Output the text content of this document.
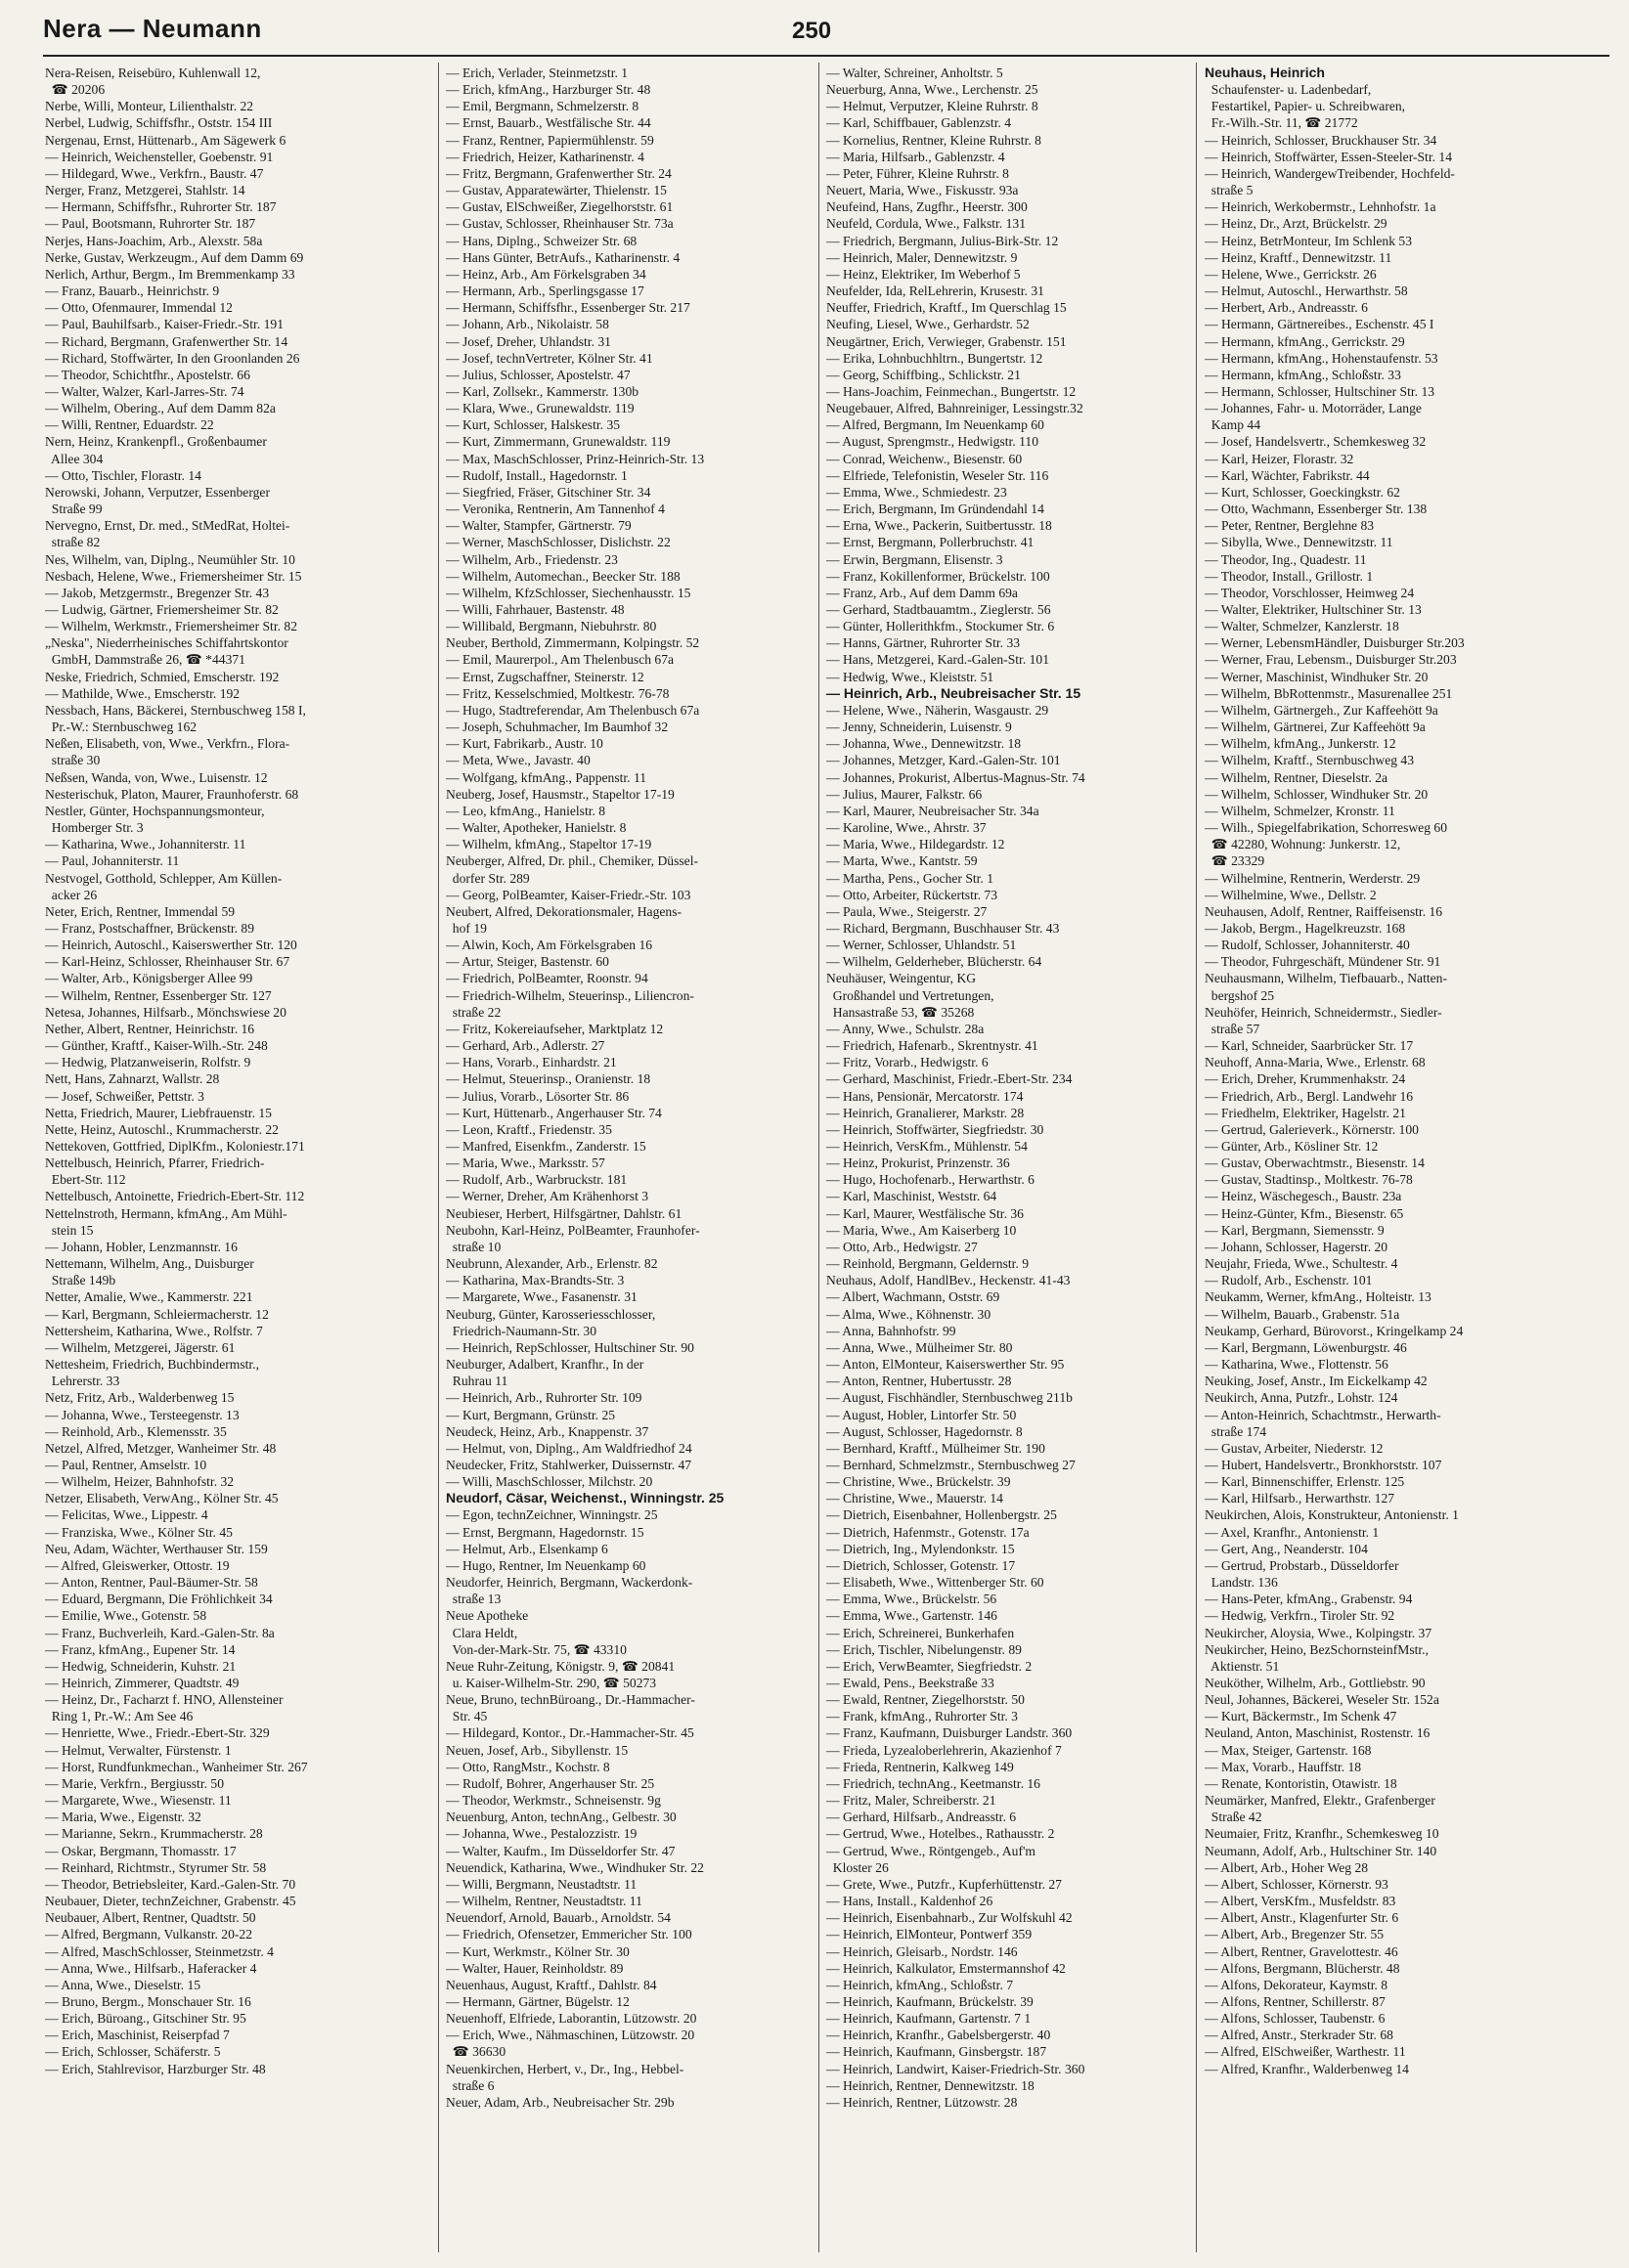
Nera — Neumann	250
Nera-Reisen, Reisebüro, Kuhlenwall 12,
☎ 20206
Nerbe, Willi, Monteur, Lilienthalstr. 22
Nerbel, Ludwig, Schiffsfhr., Oststr. 154 III
Nergenau, Ernst, Hüttenarb., Am Sägewerk 6
— Heinrich, Weichensteller, Goebenstr. 91
— Hildegard, Wwe., Verkfrn., Baustr. 47
Nerger, Franz, Metzgerei, Stahlstr. 14
— Hermann, Schiffsfhr., Ruhrorter Str. 187
— Paul, Bootsmann, Ruhrorter Str. 187
Nerjes, Hans-Joachim, Arb., Alexstr. 58a
Nerke, Gustav, Werkzeugm., Auf dem Damm 69
Nerlich, Arthur, Bergm., Im Bremmenkamp 33
— Franz, Bauarb., Heinrichstr. 9
— Otto, Ofenmaurer, Immendal 12
— Paul, Bauhilfsarb., Kaiser-Friedr.-Str. 191
— Richard, Bergmann, Grafenwerther Str. 14
— Richard, Stoffwärter, In den Groonlanden 26
— Theodor, Schichtfhr., Apostelstr. 66
— Walter, Walzer, Karl-Jarres-Str. 74
— Wilhelm, Obering., Auf dem Damm 82a
— Willi, Rentner, Eduardstr. 22
Nern, Heinz, Krankenpfl., Großenbaumer
Allee 304
— Otto, Tischler, Florastr. 14
Nerowski, Johann, Verputzer, Essenberger
Straße 99
Nervegno, Ernst, Dr. med., StMedRat, Holtei-
straße 82
Nes, Wilhelm, van, Diplng., Neumühler Str. 10
Nesbach, Helene, Wwe., Friemersheimer Str. 15
— Jakob, Metzgermstr., Bregenzer Str. 43
— Ludwig, Gärtner, Friemersheimer Str. 82
— Wilhelm, Werkmstr., Friemersheimer Str. 82
„Neska", Niederrheinisches Schiffahrtskontor
GmbH, Dammstraße 26, ☎ *44371
Neske, Friedrich, Schmied, Emscherstr. 192
— Mathilde, Wwe., Emscherstr. 192
Nessbach, Hans, Bäckerei, Sternbuschweg 158 I,
Pr.-W.: Sternbuschweg 162
Neßen, Elisabeth, von, Wwe., Verkfrn., Flora-
straße 30
Neßsen, Wanda, von, Wwe., Luisenstr. 12
Nesterischuk, Platon, Maurer, Fraunhoferstr. 68
Nestler, Günter, Hochspannungsmonteur,
Homberger Str. 3
— Katharina, Wwe., Johanniterstr. 11
— Paul, Johanniterstr. 11
Nestvogel, Gotthold, Schlepper, Am Küllen-
acker 26
Neter, Erich, Rentner, Immendal 59
— Franz, Postschaffner, Brückenstr. 89
— Heinrich, Autoschl., Kaiserswerther Str. 120
— Karl-Heinz, Schlosser, Rheinhauser Str. 67
— Walter, Arb., Königsberger Allee 99
— Wilhelm, Rentner, Essenberger Str. 127
Netesa, Johannes, Hilfsarb., Mönchswiese 20
Nether, Albert, Rentner, Heinrichstr. 16
— Günther, Kraftf., Kaiser-Wilh.-Str. 248
— Hedwig, Platzanweiserin, Rolfstr. 9
Nett, Hans, Zahnarzt, Wallstr. 28
— Josef, Schweißer, Pettstr. 3
Netta, Friedrich, Maurer, Liebfrauenstr. 15
Nette, Heinz, Autoschl., Krummacherstr. 22
Nettekoven, Gottfried, DiplKfm., Koloniestr.171
Nettelbusch, Heinrich, Pfarrer, Friedrich-
Ebert-Str. 112
Nettelbusch, Antoinette, Friedrich-Ebert-Str. 112
Nettelnstroth, Hermann, kfmAng., Am Mühl-
stein 15
— Johann, Hobler, Lenzmannstr. 16
Nettemann, Wilhelm, Ang., Duisburger
Straße 149b
Netter, Amalie, Wwe., Kammerstr. 221
— Karl, Bergmann, Schleiermacherstr. 12
Nettersheim, Katharina, Wwe., Rolfstr. 7
— Wilhelm, Metzgerei, Jägerstr. 61
Nettesheim, Friedrich, Buchbindermstr.,
Lehrerstr. 33
Netz, Fritz, Arb., Walderbenweg 15
— Johanna, Wwe., Tersteegenstr. 13
— Reinhold, Arb., Klemensstr. 35
Netzel, Alfred, Metzger, Wanheimer Str. 48
— Paul, Rentner, Amselstr. 10
— Wilhelm, Heizer, Bahnhofstr. 32
Netzer, Elisabeth, VerwAng., Kölner Str. 45
— Felicitas, Wwe., Lippestr. 4
— Franziska, Wwe., Kölner Str. 45
Neu, Adam, Wächter, Werthauser Str. 159
— Alfred, Gleiswerker, Ottostr. 19
— Anton, Rentner, Paul-Bäumer-Str. 58
— Eduard, Bergmann, Die Fröhlichkeit 34
— Emilie, Wwe., Gotenstr. 58
— Franz, Buchverleih, Kard.-Galen-Str. 8a
— Franz, kfmAng., Eupener Str. 14
— Hedwig, Schneiderin, Kuhstr. 21
— Heinrich, Zimmerer, Quadtstr. 49
— Heinz, Dr., Facharzt f. HNO, Allensteiner
Ring 1, Pr.-W.: Am See 46
— Henriette, Wwe., Friedr.-Ebert-Str. 329
— Helmut, Verwalter, Fürstenstr. 1
— Horst, Rundfunkmechan., Wanheimer Str. 267
— Marie, Verkfrn., Bergiusstr. 50
— Margarete, Wwe., Wiesenstr. 11
— Maria, Wwe., Eigenstr. 32
— Marianne, Sekrn., Krummacherstr. 28
— Oskar, Bergmann, Thomasstr. 17
— Reinhard, Richtmstr., Styrumer Str. 58
— Theodor, Betriebsleiter, Kard.-Galen-Str. 70
Neubauer, Dieter, technZeichner, Grabenstr. 45
Neubauer, Albert, Rentner, Quadtstr. 50
— Alfred, Bergmann, Vulkanstr. 20-22
— Alfred, MaschSchlosser, Steinmetzstr. 4
— Anna, Wwe., Hilfsarb., Haferacker 4
— Anna, Wwe., Dieselstr. 15
— Bruno, Bergm., Monschauer Str. 16
— Erich, Büroang., Gitschiner Str. 95
— Erich, Maschinist, Reiserpfad 7
— Erich, Schlosser, Schäferstr. 5
— Erich, Stahlrevisor, Harzburger Str. 48
— Erich, Verlader, Steinmetzstr. 1
— Erich, kfmAng., Harzburger Str. 48
— Emil, Bergmann, Schmelzerstr. 8
— Ernst, Bauarb., Westfälische Str. 44
— Franz, Rentner, Papiermühlenstr. 59
— Friedrich, Heizer, Katharinenstr. 4
— Fritz, Bergmann, Grafenwerther Str. 24
— Gustav, Apparatewärter, Thielenstr. 15
— Gustav, ElSchweißer, Ziegelhorststr. 61
— Gustav, Schlosser, Rheinhauser Str. 73a
— Hans, Diplng., Schweizer Str. 68
— Hans Günter, BetrAufs., Katharinenstr. 4
— Heinz, Arb., Am Förkelsgraben 34
— Hermann, Arb., Sperlingsgasse 17
— Hermann, Schiffsfhr., Essenberger Str. 217
— Johann, Arb., Nikolaistr. 58
— Josef, Dreher, Uhlandstr. 31
— Josef, technVertreter, Kölner Str. 41
— Julius, Schlosser, Apostelstr. 47
— Karl, Zollsekr., Kammerstr. 130b
— Klara, Wwe., Grunewaldstr. 119
— Kurt, Schlosser, Halskestr. 35
— Kurt, Zimmermann, Grunewaldstr. 119
— Max, MaschSchlosser, Prinz-Heinrich-Str. 13
— Rudolf, Install., Hagedornstr. 1
— Siegfried, Fräser, Gitschiner Str. 34
— Veronika, Rentnerin, Am Tannenhof 4
— Walter, Stampfer, Gärtnerstr. 79
— Werner, MaschSchlosser, Dislichstr. 22
— Wilhelm, Arb., Friedenstr. 23
— Wilhelm, Automechan., Beecker Str. 188
— Wilhelm, KfzSchlosser, Siechenhausstr. 15
— Willi, Fahrhauer, Bastenstr. 48
— Willibald, Bergmann, Niebuhrstr. 80
Neuber, Berthold, Zimmermann, Kolpingstr. 52
— Emil, Maurerpol., Am Thelenbusch 67a
— Ernst, Zugschaffner, Steinerstr. 12
— Fritz, Kesselschmied, Moltkestr. 76-78
— Hugo, Stadtreferendar, Am Thelenbusch 67a
— Joseph, Schuhmacher, Im Baumhof 32
— Kurt, Fabrikarb., Austr. 10
— Meta, Wwe., Javastr. 40
— Wolfgang, kfmAng., Pappenstr. 11
Neuberg, Josef, Hausmstr., Stapeltor 17-19
— Leo, kfmAng., Hanielstr. 8
— Walter, Apotheker, Hanielstr. 8
— Wilhelm, kfmAng., Stapeltor 17-19
Neuberger, Alfred, Dr. phil., Chemiker, Düssel-
dorfer Str. 289
— Georg, PolBeamter, Kaiser-Friedr.-Str. 103
Neubert, Alfred, Dekorationsmaler, Hagens-
hof 19
— Alwin, Koch, Am Förkelsgraben 16
— Artur, Steiger, Bastenstr. 60
— Friedrich, PolBeamter, Roonstr. 94
— Friedrich-Wilhelm, Steuerinsp., Liliencron-
straße 22
— Fritz, Kokereiaufseher, Marktplatz 12
— Gerhard, Arb., Adlerstr. 27
— Hans, Vorarb., Einhardstr. 21
— Helmut, Steuerinsp., Oranienstr. 18
— Julius, Vorarb., Lösorter Str. 86
— Kurt, Hüttenarb., Angerhauser Str. 74
— Leon, Kraftf., Friedenstr. 35
— Manfred, Eisenkfm., Zanderstr. 15
— Maria, Wwe., Marksstr. 57
— Rudolf, Arb., Warbruckstr. 181
— Werner, Dreher, Am Krähenhorst 3
Neubieser, Herbert, Hilfsgärtner, Dahlstr. 61
Neubohn, Karl-Heinz, PolBeamter, Fraunhofer-
straße 10
Neubrunn, Alexander, Arb., Erlenstr. 82
— Katharina, Max-Brandts-Str. 3
— Margarete, Wwe., Fasanenstr. 31
Neuburg, Günter, Karosseriesschlosser,
Friedrich-Naumann-Str. 30
— Heinrich, RepSchlosser, Hultschiner Str. 90
Neuburger, Adalbert, Kranfhr., In der
Ruhrau 11
— Heinrich, Arb., Ruhrorter Str. 109
— Kurt, Bergmann, Grünstr. 25
Neudeck, Heinz, Arb., Knappenstr. 37
— Helmut, von, Diplng., Am Waldfriedhof 24
Neudecker, Fritz, Stahlwerker, Duissernstr. 47
— Willi, MaschSchlosser, Milchstr. 20
Neudorf, Cäsar, Weichenst., Winningstr. 25
— Egon, technZeichner, Winningstr. 25
— Ernst, Bergmann, Hagedornstr. 15
— Helmut, Arb., Elsenkamp 6
— Hugo, Rentner, Im Neuenkamp 60
Neudorfer, Heinrich, Bergmann, Wackerdonk-
straße 13
Neue Apotheke
Clara Heldt,
Von-der-Mark-Str. 75, ☎ 43310
Neue Ruhr-Zeitung, Königstr. 9, ☎ 20841
u. Kaiser-Wilhelm-Str. 290, ☎ 50273
Neue, Bruno, technBüroang., Dr.-Hammacher-
Str. 45
— Hildegard, Kontor., Dr.-Hammacher-Str. 45
Neuen, Josef, Arb., Sibyllenstr. 15
— Otto, RangMstr., Kochstr. 8
— Rudolf, Bohrer, Angerhauser Str. 25
— Theodor, Werkmstr., Schneisenstr. 9g
Neuenburg, Anton, technAng., Gelbestr. 30
— Johanna, Wwe., Pestalozzistr. 19
— Walter, Kaufm., Im Düsseldorfer Str. 47
Neuendick, Katharina, Wwe., Windhuker Str. 22
— Willi, Bergmann, Neustadtstr. 11
— Wilhelm, Rentner, Neustadtstr. 11
Neuendorf, Arnold, Bauarb., Arnoldstr. 54
— Friedrich, Ofensetzer, Emmericher Str. 100
— Kurt, Werkmstr., Kölner Str. 30
— Walter, Hauer, Reinholdstr. 89
Neuenhaus, August, Kraftf., Dahlstr. 84
— Hermann, Gärtner, Bügelstr. 12
Neuenhoff, Elfriede, Laborantin, Lützowstr. 20
— Erich, Wwe., Nähmaschinen, Lützowstr. 20
☎ 36630
Neuenkirchen, Herbert, v., Dr., Ing., Hebbel-
straße 6
Neuer, Adam, Arb., Neubreisacher Str. 29b
— Walter, Schreiner, Anholtstr. 5
Neuerburg, Anna, Wwe., Lerchenstr. 25
— Helmut, Verputzer, Kleine Ruhrstr. 8
— Karl, Schiffbauer, Gablenzstr. 4
— Kornelius, Rentner, Kleine Ruhrstr. 8
— Maria, Hilfsarb., Gablenzstr. 4
— Peter, Führer, Kleine Ruhrstr. 8
Neuert, Maria, Wwe., Fiskusstr. 93a
Neufeind, Hans, Zugfhr., Heerstr. 300
Neufeld, Cordula, Wwe., Falkstr. 131
— Friedrich, Bergmann, Julius-Birk-Str. 12
— Heinrich, Maler, Dennewitzstr. 9
— Heinz, Elektriker, Im Weberhof 5
Neufelder, Ida, RelLehrerin, Krusestr. 31
Neuffer, Friedrich, Kraftf., Im Querschlag 15
Neufing, Liesel, Wwe., Gerhardstr. 52
Neugärtner, Erich, Verwieger, Grabenstr. 151
— Erika, Lohnbuchhltrn., Bungertstr. 12
— Georg, Schiffbing., Schlickstr. 21
— Hans-Joachim, Feinmechan., Bungertstr. 12
Neugebauer, Alfred, Bahnreiniger, Lessingstr.32
— Alfred, Bergmann, Im Neuenkamp 60
— August, Sprengmstr., Hedwigstr. 110
— Conrad, Weichenw., Biesenstr. 60
— Elfriede, Telefonistin, Weseler Str. 116
— Emma, Wwe., Schmiedestr. 23
— Erich, Bergmann, Im Gründendahl 14
— Erna, Wwe., Packerin, Suitbertusstr. 18
— Ernst, Bergmann, Pollerbruchstr. 41
— Erwin, Bergmann, Elisenstr. 3
— Franz, Kokillenformer, Brückelstr. 100
— Franz, Arb., Auf dem Damm 69a
— Gerhard, Stadtbauamtm., Zieglerstr. 56
— Günter, Hollerithkfm., Stockumer Str. 6
— Hanns, Gärtner, Ruhrorter Str. 33
— Hans, Metzgerei, Kard.-Galen-Str. 101
— Hedwig, Wwe., Kleiststr. 51
— Heinrich, Arb., Neubreisacher Str. 15
— Helene, Wwe., Näherin, Wasgaustr. 29
— Jenny, Schneiderin, Luisenstr. 9
— Johanna, Wwe., Dennewitzstr. 18
— Johannes, Metzger, Kard.-Galen-Str. 101
— Johannes, Prokurist, Albertus-Magnus-Str. 74
— Julius, Maurer, Falkstr. 66
— Karl, Maurer, Neubreisacher Str. 34a
— Karoline, Wwe., Ahrstr. 37
— Maria, Wwe., Hildegardstr. 12
— Marta, Wwe., Kantstr. 59
— Martha, Pens., Gocher Str. 1
— Otto, Arbeiter, Rückertstr. 73
— Paula, Wwe., Steigerstr. 27
— Richard, Bergmann, Buschhauser Str. 43
— Werner, Schlosser, Uhlandstr. 51
— Wilhelm, Gelderheber, Blücherstr. 64
Neuhäuser, Weingentur, KG
Großhandel und Vertretungen,
Hansastraße 53, ☎ 35268
— Anny, Wwe., Schulstr. 28a
— Friedrich, Hafenarb., Skrentnystr. 41
— Fritz, Vorarb., Hedwigstr. 6
— Gerhard, Maschinist, Friedr.-Ebert-Str. 234
— Hans, Pensionär, Mercatorstr. 174
— Heinrich, Granalierer, Markstr. 28
— Heinrich, Stoffwärter, Siegfriedstr. 30
— Heinrich, VersKfm., Mühlenstr. 54
— Heinz, Prokurist, Prinzenstr. 36
— Hugo, Hochofenarb., Herwarthstr. 6
— Karl, Maschinist, Weststr. 64
— Karl, Maurer, Westfälische Str. 36
— Maria, Wwe., Am Kaiserberg 10
— Otto, Arb., Hedwigstr. 27
— Reinhold, Bergmann, Geldernstr. 9
Neuhaus, Adolf, HandlBev., Heckenstr. 41-43
— Albert, Wachmann, Oststr. 69
— Alma, Wwe., Köhnenstr. 30
— Anna, Bahnhofstr. 99
— Anna, Wwe., Mülheimer Str. 80
— Anton, ElMonteur, Kaiserswerther Str. 95
— Anton, Rentner, Hubertusstr. 28
— August, Fischhändler, Sternbuschweg 211b
— August, Hobler, Lintorfer Str. 50
— August, Schlosser, Hagedornstr. 8
— Bernhard, Kraftf., Mülheimer Str. 190
— Bernhard, Schmelzmstr., Sternbuschweg 27
— Christine, Wwe., Brückelstr. 39
— Christine, Wwe., Mauerstr. 14
— Dietrich, Eisenbahner, Hollenbergstr. 25
— Dietrich, Hafenmstr., Gotenstr. 17a
— Dietrich, Ing., Mylendonkstr. 15
— Dietrich, Schlosser, Gotenstr. 17
— Elisabeth, Wwe., Wittenberger Str. 60
— Emma, Wwe., Brückelstr. 56
— Emma, Wwe., Gartenstr. 146
— Erich, Schreinerei, Bunkerhafen
— Erich, Tischler, Nibelungenstr. 89
— Erich, VerwBeamter, Siegfriedstr. 2
— Ewald, Pens., Beekstraße 33
— Ewald, Rentner, Ziegelhorststr. 50
— Frank, kfmAng., Ruhrorter Str. 3
— Franz, Kaufmann, Duisburger Landstr. 360
— Frieda, Lyzealoberlehrerin, Akazienhof 7
— Frieda, Rentnerin, Kalkweg 149
— Friedrich, technAng., Keetmanstr. 16
— Fritz, Maler, Schreiberstr. 21
— Gerhard, Hilfsarb., Andreasstr. 6
— Gertrud, Wwe., Hotelbes., Rathausstr. 2
— Gertrud, Wwe., Röntgengeb., Auf'm
Kloster 26
— Grete, Wwe., Putzfr., Kupferhüttenstr. 27
— Hans, Install., Kaldenhof 26
— Heinrich, Eisenbahnarb., Zur Wolfskuhl 42
— Heinrich, ElMonteur, Pontwerf 359
— Heinrich, Gleisarb., Nordstr. 146
— Heinrich, Kalkulator, Emstermannshof 42
— Heinrich, kfmAng., Schloßstr. 7
— Heinrich, Kaufmann, Brückelstr. 39
— Heinrich, Kaufmann, Gartenstr. 7 1
— Heinrich, Kranfhr., Gabelsbergerstr. 40
— Heinrich, Kaufmann, Ginsbergstr. 187
— Heinrich, Landwirt, Kaiser-Friedrich-Str. 360
— Heinrich, Rentner, Dennewitzstr. 18
— Heinrich, Rentner, Lützowstr. 28
Neuhaus, Heinrich
Schaufenster- u. Ladenbedarf,
Festartikel, Papier- u. Schreibwaren,
Fr.-Wilh.-Str. 11, ☎ 21772
— Heinrich, Schlosser, Bruckhauser Str. 34
— Heinrich, Stoffwärter, Essen-Steeler-Str. 14
— Heinrich, WandergewTreibender, Hochfeld-
straße 5
— Heinrich, Werkobermstr., Lehnhofstr. 1a
— Heinz, Dr., Arzt, Brückelstr. 29
— Heinz, BetrMonteur, Im Schlenk 53
— Heinz, Kraftf., Dennewitzstr. 11
— Helene, Wwe., Gerrickstr. 26
— Helmut, Autoschl., Herwarthstr. 58
— Herbert, Arb., Andreasstr. 6
— Hermann, Gärtnereibes., Eschenstr. 45 I
— Hermann, kfmAng., Gerrickstr. 29
— Hermann, kfmAng., Hohenstaufenstr. 53
— Hermann, kfmAng., Schloßstr. 33
— Hermann, Schlosser, Hultschiner Str. 13
— Johannes, Fahr- u. Motorräder, Lange
Kamp 44
— Josef, Handelsvertr., Schemkesweg 32
— Karl, Heizer, Florastr. 32
— Karl, Wächter, Fabrikstr. 44
— Kurt, Schlosser, Goeckingkstr. 62
— Otto, Wachmann, Essenberger Str. 138
— Peter, Rentner, Berglehne 83
— Sibylla, Wwe., Dennewitzstr. 11
— Theodor, Ing., Quadestr. 11
— Theodor, Install., Grillostr. 1
— Theodor, Vorschlosser, Heimweg 24
— Walter, Elektriker, Hultschiner Str. 13
— Walter, Schmelzer, Kanzlerstr. 18
— Werner, LebensmHändler, Duisburger Str.203
— Werner, Frau, Lebensm., Duisburger Str.203
— Werner, Maschinist, Windhuker Str. 20
— Wilhelm, BbRottenmstr., Masurenallee 251
— Wilhelm, Gärtnergeh., Zur Kaffeehött 9a
— Wilhelm, Gärtnerei, Zur Kaffeehött 9a
— Wilhelm, kfmAng., Junkerstr. 12
— Wilhelm, Kraftf., Sternbuschweg 43
— Wilhelm, Rentner, Dieselstr. 2a
— Wilhelm, Schlosser, Windhuker Str. 20
— Wilhelm, Schmelzer, Kronstr. 11
— Wilh., Spiegelfabrikation, Schorresweg 60
☎ 42280, Wohnung: Junkerstr. 12,
☎ 23329
— Wilhelmine, Rentnerin, Werderstr. 29
— Wilhelmine, Wwe., Dellstr. 2
Neuhausen, Adolf, Rentner, Raiffeisenstr. 16
— Jakob, Bergm., Hagelkreuzstr. 168
— Rudolf, Schlosser, Johanniterstr. 40
— Theodor, Fuhrgeschäft, Mündener Str. 91
Neuhausmann, Wilhelm, Tiefbauarb., Natten-
bergshof 25
Neuhöfer, Heinrich, Schneidermstr., Siedler-
straße 57
— Karl, Schneider, Saarbrücker Str. 17
Neuhoff, Anna-Maria, Wwe., Erlenstr. 68
— Erich, Dreher, Krummenhakstr. 24
— Friedrich, Arb., Bergl. Landwehr 16
— Friedhelm, Elektriker, Hagelstr. 21
— Gertrud, Galerieverk., Körnerstr. 100
— Günter, Arb., Kösliner Str. 12
— Gustav, Oberwachtmstr., Biesenstr. 14
— Gustav, Stadtinsp., Moltkestr. 76-78
— Heinz, Wäschegesch., Baustr. 23a
— Heinz-Günter, Kfm., Biesenstr. 65
— Karl, Bergmann, Siemensstr. 9
— Johann, Schlosser, Hagerstr. 20
Neujahr, Frieda, Wwe., Schultestr. 4
— Rudolf, Arb., Eschenstr. 101
Neukamm, Werner, kfmAng., Holteistr. 13
— Wilhelm, Bauarb., Grabenstr. 51a
Neukamp, Gerhard, Bürovorst., Kringelkamp 24
— Karl, Bergmann, Löwenburgstr. 46
— Katharina, Wwe., Flottenstr. 56
Neuking, Josef, Anstr., Im Eickelkamp 42
Neukirch, Anna, Putzfr., Lohstr. 124
— Anton-Heinrich, Schachtmstr., Herwarth-
straße 174
— Gustav, Arbeiter, Niederstr. 12
— Hubert, Handelsvertr., Bronkhorststr. 107
— Karl, Binnenschiffer, Erlenstr. 125
— Karl, Hilfsarb., Herwarthstr. 127
Neukirchen, Alois, Konstrukteur, Antonienstr. 1
— Axel, Kranfhr., Antonienstr. 1
— Gert, Ang., Neanderstr. 104
— Gertrud, Probstarb., Düsseldorfer
Landstr. 136
— Hans-Peter, kfmAng., Grabenstr. 94
— Hedwig, Verkfrn., Tiroler Str. 92
Neukircher, Aloysia, Wwe., Kolpingstr. 37
Neukircher, Heino, BezSchornsteinfMstr.,
Aktienstr. 51
Neuköther, Wilhelm, Arb., Gottliebstr. 90
Neul, Johannes, Bäckerei, Weseler Str. 152a
— Kurt, Bäckermstr., Im Schenk 47
Neuland, Anton, Maschinist, Rostenstr. 16
— Max, Steiger, Gartenstr. 168
— Max, Vorarb., Hauffstr. 18
— Renate, Kontoristin, Otawistr. 18
Neumärker, Manfred, Elektr., Grafenberger
Straße 42
Neumaier, Fritz, Kranfhr., Schemkesweg 10
Neumann, Adolf, Arb., Hultschiner Str. 140
— Albert, Arb., Hoher Weg 28
— Albert, Schlosser, Körnerstr. 93
— Albert, VersKfm., Musfeldstr. 83
— Albert, Anstr., Klagenfurter Str. 6
— Albert, Arb., Bregenzer Str. 55
— Albert, Rentner, Gravelottestr. 46
— Alfons, Bergmann, Blücherstr. 48
— Alfons, Dekorateur, Kaymstr. 8
— Alfons, Rentner, Schillerstr. 87
— Alfons, Schlosser, Taubenstr. 6
— Alfred, Anstr., Sterkrader Str. 68
— Alfred, ElSchweißer, Warthestr. 11
— Alfred, Kranfhr., Walderbenweg 14
